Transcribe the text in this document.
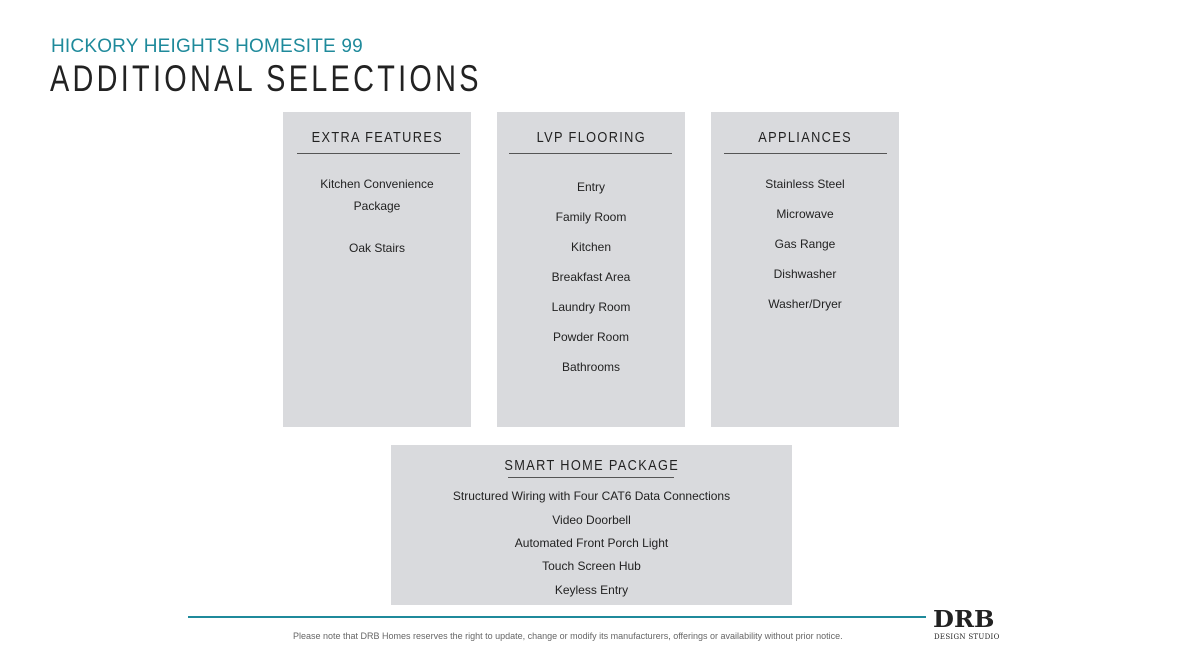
HICKORY HEIGHTS HOMESITE 99
ADDITIONAL SELECTIONS
EXTRA FEATURES
Kitchen Convenience
Package
Oak Stairs
LVP FLOORING
Entry
Family Room
Kitchen
Breakfast Area
Laundry Room
Powder Room
Bathrooms
APPLIANCES
Stainless Steel
Microwave
Gas Range
Dishwasher
Washer/Dryer
SMART HOME PACKAGE
Structured Wiring with Four CAT6 Data Connections
Video Doorbell
Automated Front Porch Light
Touch Screen Hub
Keyless Entry
Please note that DRB Homes reserves the right to update, change or modify its manufacturers, offerings or availability without prior notice.
DRB
DESIGN STUDIO
